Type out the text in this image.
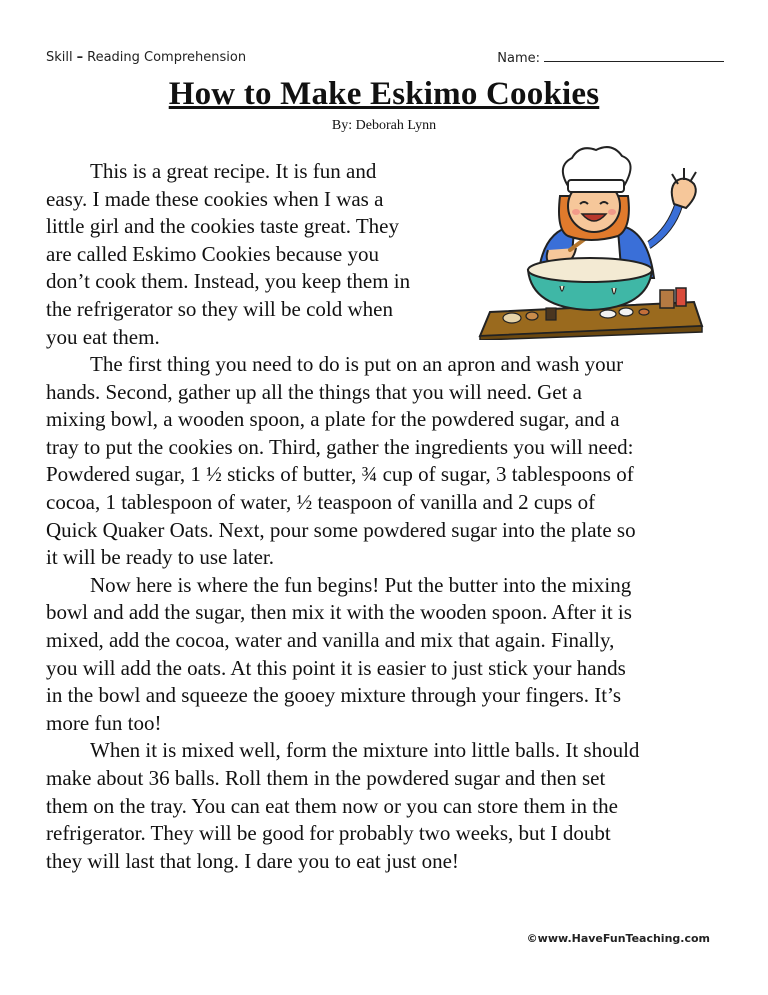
Skill – Reading Comprehension	Name:
How to Make Eskimo Cookies
By: Deborah Lynn
This is a great recipe. It is fun and
easy. I made these cookies when I was a
little girl and the cookies taste great. They
are called Eskimo Cookies because you
don’t cook them. Instead, you keep them in
the refrigerator so they will be cold when
you eat them.
The first thing you need to do is put on an apron and wash your
hands. Second, gather up all the things that you will need. Get a
mixing bowl, a wooden spoon, a plate for the powdered sugar, and a
tray to put the cookies on. Third, gather the ingredients you will need:
Powdered sugar, 1 ½ sticks of butter, ¾ cup of sugar, 3 tablespoons of
cocoa, 1 tablespoon of water, ½ teaspoon of vanilla and 2 cups of
Quick Quaker Oats. Next, pour some powdered sugar into the plate so
it will be ready to use later.
Now here is where the fun begins! Put the butter into the mixing
bowl and add the sugar, then mix it with the wooden spoon. After it is
mixed, add the cocoa, water and vanilla and mix that again. Finally,
you will add the oats. At this point it is easier to just stick your hands
in the bowl and squeeze the gooey mixture through your fingers. It’s
more fun too!
When it is mixed well, form the mixture into little balls. It should
make about 36 balls. Roll them in the powdered sugar and then set
them on the tray. You can eat them now or you can store them in the
refrigerator. They will be good for probably two weeks, but I doubt
they will last that long. I dare you to eat just one!
©www.HaveFunTeaching.com
